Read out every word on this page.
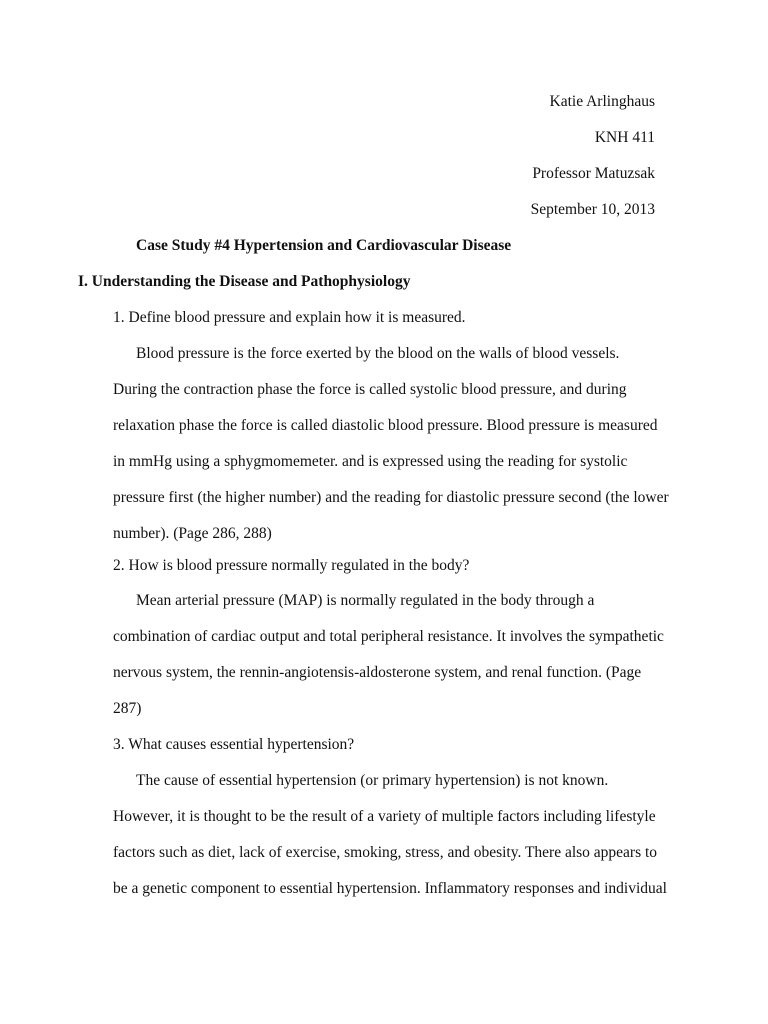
Katie Arlinghaus
KNH 411
Professor Matuzsak
September 10, 2013
Case Study #4 Hypertension and Cardiovascular Disease
I. Understanding the Disease and Pathophysiology
1. Define blood pressure and explain how it is measured.
Blood pressure is the force exerted by the blood on the walls of blood vessels.
During the contraction phase the force is called systolic blood pressure, and during
relaxation phase the force is called diastolic blood pressure. Blood pressure is measured
in mmHg using a sphygmomemeter. and is expressed using the reading for systolic
pressure first (the higher number) and the reading for diastolic pressure second (the lower
number). (Page 286, 288)
2. How is blood pressure normally regulated in the body?
Mean arterial pressure (MAP) is normally regulated in the body through a
combination of cardiac output and total peripheral resistance. It involves the sympathetic
nervous system, the rennin-angiotensis-aldosterone system, and renal function. (Page
287)
3. What causes essential hypertension?
The cause of essential hypertension (or primary hypertension) is not known.
However, it is thought to be the result of a variety of multiple factors including lifestyle
factors such as diet, lack of exercise, smoking, stress, and obesity. There also appears to
be a genetic component to essential hypertension. Inflammatory responses and individual
